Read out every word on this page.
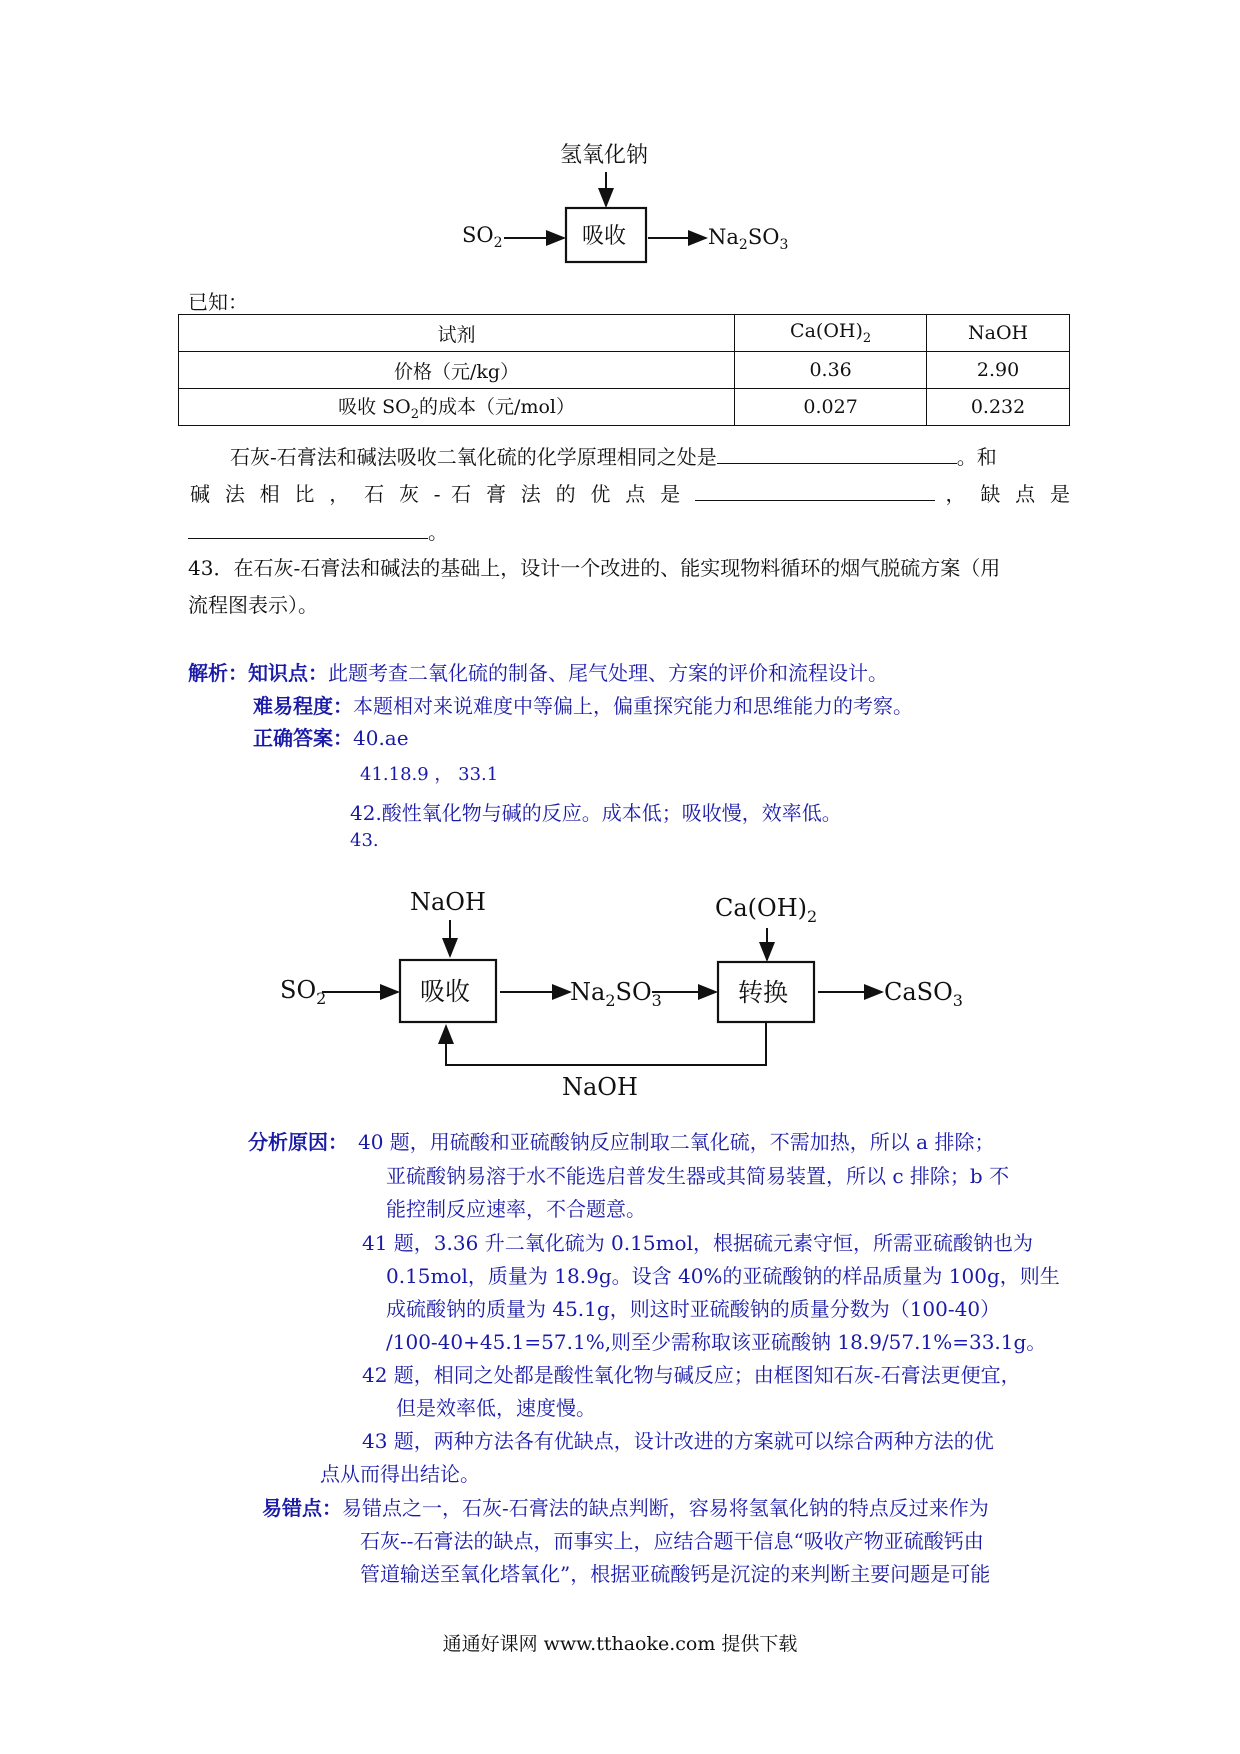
氢氧化钠
$SO_2$	吸收	$Na_2SO_3$
已知：
试剂	$Ca(OH)_2$	NaOH
价格（元/kg）	0.36	2.90
吸收 $SO_2$的成本（元/mol）	0.027	0.232
石灰-石膏法和碱法吸收二氧化硫的化学原理相同之处是	。和
碱 法 相 比 ， 石 灰 - 石 膏 法 的 优 点 是	， 缺 点 是
。
43．在石灰-石膏法和碱法的基础上，设计一个改进的、能实现物料循环的烟气脱硫方案（用
流程图表示）。
解析：知识点：此题考查二氧化硫的制备、尾气处理、方案的评价和流程设计。
难易程度：本题相对来说难度中等偏上，偏重探究能力和思维能力的考察。
正确答案：40.ae
41.18.9 ， 33.1
42.酸性氧化物与碱的反应。成本低；吸收慢，效率低。
43.
NaOH	$Ca(OH)_2$
$SO_2$	吸收	$Na_2SO_3$	转换	CaSO$_3$
NaOH
分析原因： 40 题，用硫酸和亚硫酸钠反应制取二氧化硫，不需加热，所以 a 排除；
亚硫酸钠易溶于水不能选启普发生器或其简易装置，所以 c 排除；b 不
能控制反应速率，不合题意。
41 题，3.36 升二氧化硫为 0.15mol，根据硫元素守恒，所需亚硫酸钠也为
0.15mol，质量为 18.9g。设含 40%的亚硫酸钠的样品质量为 100g，则生
成硫酸钠的质量为 45.1g，则这时亚硫酸钠的质量分数为（100-40）
/100-40+45.1=57.1%,则至少需称取该亚硫酸钠 18.9/57.1%=33.1g。
42 题，相同之处都是酸性氧化物与碱反应；由框图知石灰-石膏法更便宜，
但是效率低，速度慢。
43 题，两种方法各有优缺点，设计改进的方案就可以综合两种方法的优
点从而得出结论。
易错点：易错点之一，石灰-石膏法的缺点判断，容易将氢氧化钠的特点反过来作为
石灰--石膏法的缺点，而事实上，应结合题干信息“吸收产物亚硫酸钙由
管道输送至氧化塔氧化”，根据亚硫酸钙是沉淀的来判断主要问题是可能
通通好课网 www.tthaoke.com 提供下载
